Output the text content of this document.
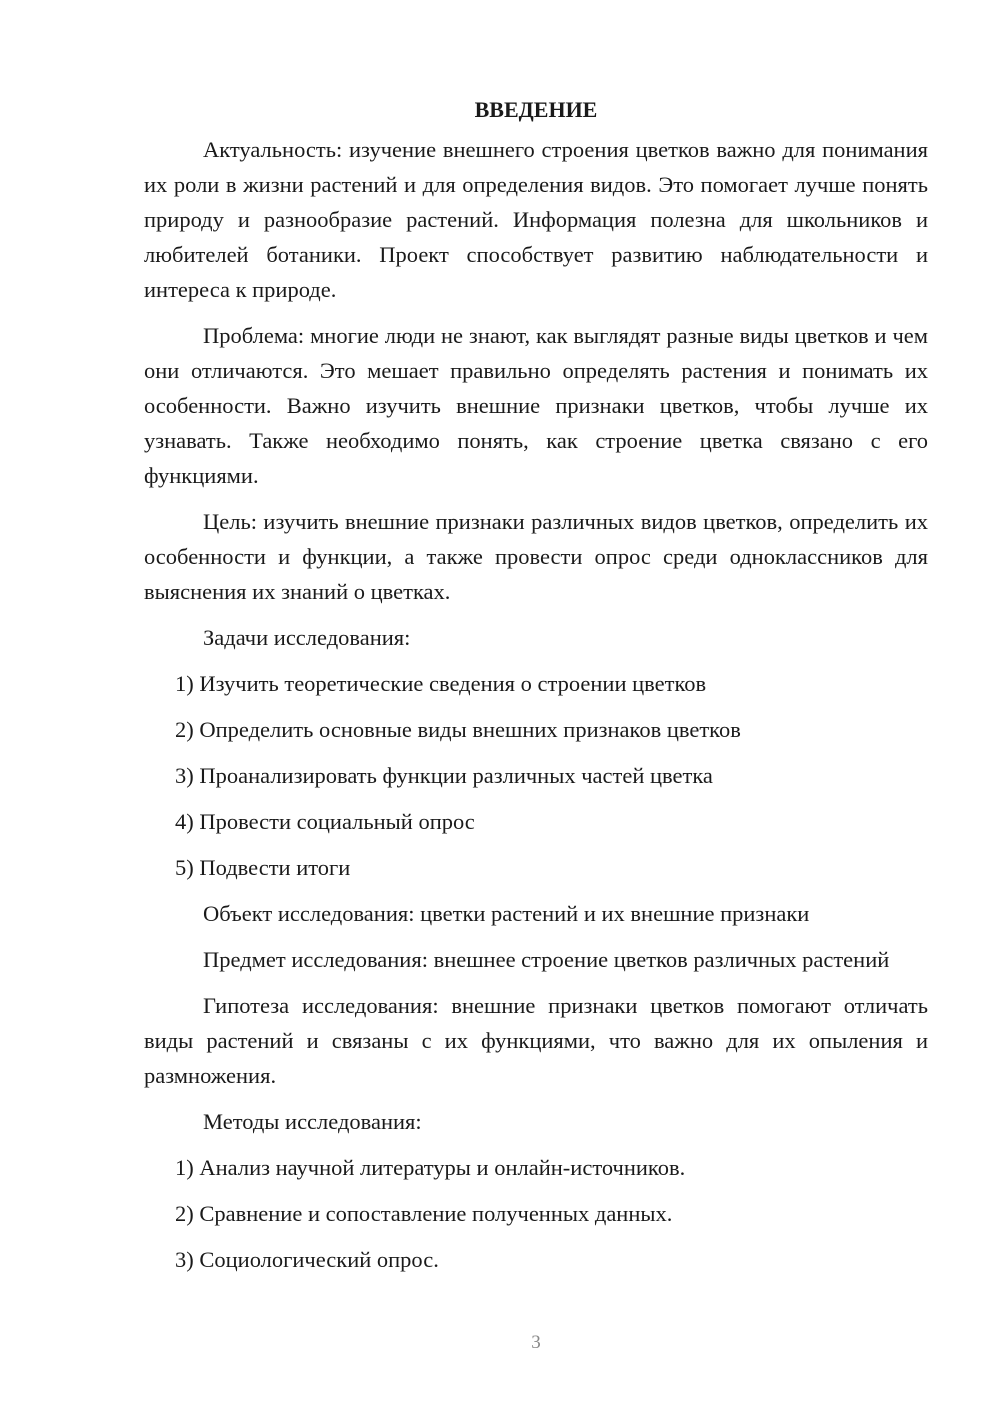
ВВЕДЕНИЕ

Актуальность: изучение внешнего строения цветков важно для понимания их роли в жизни растений и для определения видов. Это помогает лучше понять природу и разнообразие растений. Информация полезна для школьников и любителей ботаники. Проект способствует развитию наблюдательности и интереса к природе.

Проблема: многие люди не знают, как выглядят разные виды цветков и чем они отличаются. Это мешает правильно определять растения и понимать их особенности. Важно изучить внешние признаки цветков, чтобы лучше их узнавать. Также необходимо понять, как строение цветка связано с его функциями.

Цель: изучить внешние признаки различных видов цветков, определить их особенности и функции, а также провести опрос среди одноклассников для выяснения их знаний о цветках.

Задачи исследования:

1) Изучить теоретические сведения о строении цветков
2) Определить основные виды внешних признаков цветков
3) Проанализировать функции различных частей цветка
4) Провести социальный опрос
5) Подвести итоги

Объект исследования: цветки растений и их внешние признаки

Предмет исследования: внешнее строение цветков различных растений

Гипотеза исследования: внешние признаки цветков помогают отличать виды растений и связаны с их функциями, что важно для их опыления и размножения.

Методы исследования:

1) Анализ научной литературы и онлайн-источников.
2) Сравнение и сопоставление полученных данных.
3) Социологический опрос.
3
